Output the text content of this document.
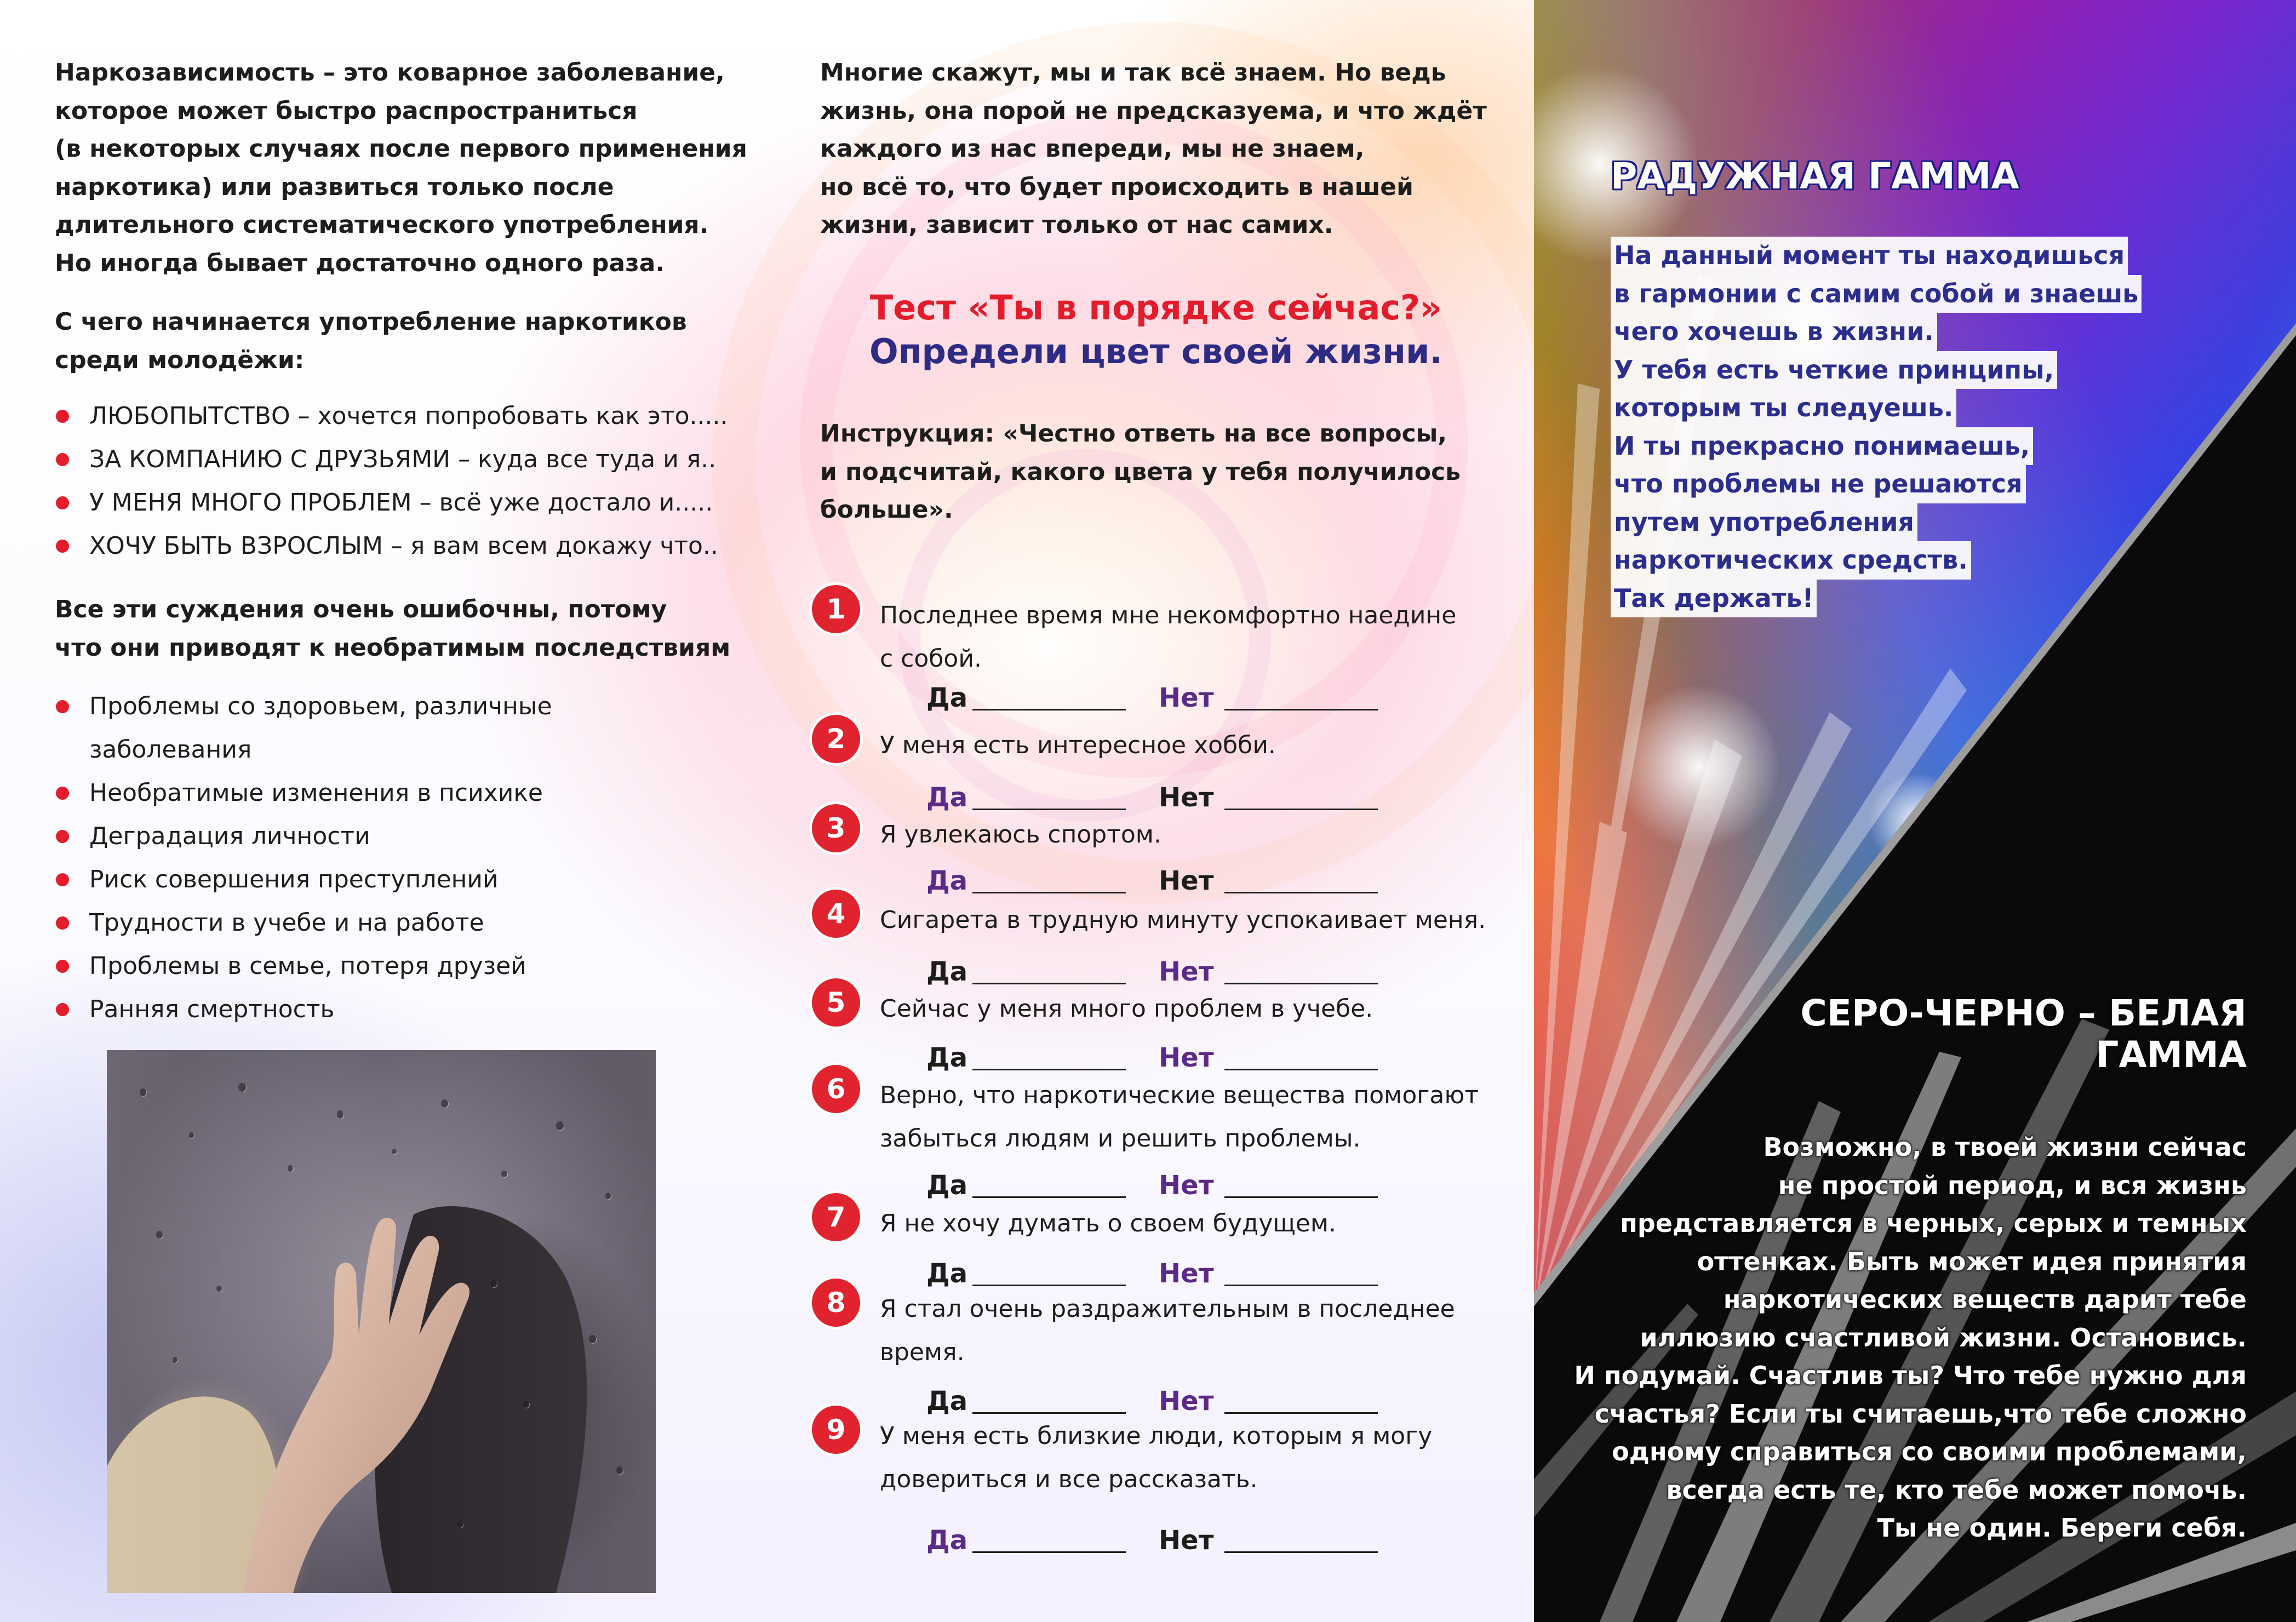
Наркозависимость – это коварное заболевание,
которое может быстро распространиться
(в некоторых случаях после первого применения
наркотика) или развиться только после
длительного систематического употребления.
Но иногда бывает достаточно одного раза.

С чего начинается употребление наркотиков
среди молодёжи:

ЛЮБОПЫТСТВО – хочется попробовать как это.....
ЗА КОМПАНИЮ С ДРУЗЬЯМИ – куда все туда и я..
У МЕНЯ МНОГО ПРОБЛЕМ – всё уже достало и.....
ХОЧУ БЫТЬ ВЗРОСЛЫМ – я вам всем докажу что..

Все эти суждения очень ошибочны, потому
что они приводят к необратимым последствиям

Проблемы со здоровьем, различные
заболевания
Необратимые изменения в психике
Деградация личности
Риск совершения преступлений
Трудности в учебе и на работе
Проблемы в семье, потеря друзей
Ранняя смертность

Многие скажут, мы и так всё знаем. Но ведь
жизнь, она порой не предсказуема, и что ждёт
каждого из нас впереди, мы не знаем,
но всё то, что будет происходить в нашей
жизни, зависит только от нас самих.

Тест «Ты в порядке сейчас?»
Определи цвет своей жизни.

Инструкция: «Честно ответь на все вопросы,
и подсчитай, какого цвета у тебя получилось
больше».

1	Последнее время мне некомфортно наедине
с собой.
Да	Нет
2	У меня есть интересное хобби.
Да	Нет
3	Я увлекаюсь спортом.
Да	Нет
4	Сигарета в трудную минуту успокаивает меня.
Да	Нет
5	Сейчас у меня много проблем в учебе.
Да	Нет
6	Верно, что наркотические вещества помогают
забыться людям и решить проблемы.
Да	Нет
7	Я не хочу думать о своем будущем.
Да	Нет
8	Я стал очень раздражительным в последнее
время.
Да	Нет
9	У меня есть близкие люди, которым я могу
довериться и все рассказать.
Да	Нет
РАДУЖНАЯ ГАММА
На данный момент ты находишься
в гармонии с самим собой и знаешь
чего хочешь в жизни.
У тебя есть четкие принципы,
которым ты следуешь.
И ты прекрасно понимаешь,
что проблемы не решаются
путем употребления
наркотических средств.
Так держать!
СЕРО-ЧЕРНО – БЕЛАЯ
ГАММА
Возможно, в твоей жизни сейчас
не простой период, и вся жизнь
представляется в черных, серых и темных
оттенках. Быть может идея принятия
наркотических веществ дарит тебе
иллюзию счастливой жизни. Остановись.
И подумай. Счастлив ты? Что тебе нужно для
счастья? Если ты считаешь,что тебе сложно
одному справиться со своими проблемами,
всегда есть те, кто тебе может помочь.
Ты не один. Береги себя.
